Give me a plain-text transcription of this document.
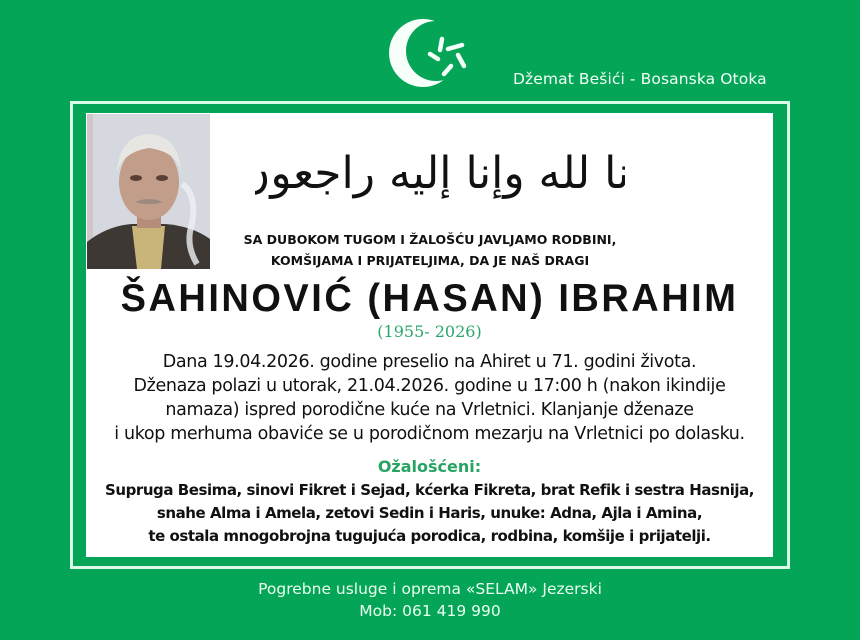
Džemat Bešići - Bosanska Otoka
إنا لله وإنا إليه راجعون
SA DUBOKOM TUGOM I ŽALOŠĆU JAVLJAMO RODBINI,
KOMŠIJAMA I PRIJATELJIMA, DA JE NAŠ DRAGI
ŠAHINOVIĆ (HASAN) IBRAHIM
(1955- 2026)
Dana 19.04.2026. godine preselio na Ahiret u 71. godini života.
Dženaza polazi u utorak, 21.04.2026. godine u 17:00 h (nakon ikindije
namaza) ispred porodične kuće na Vrletnici. Klanjanje dženaze
i ukop merhuma obaviće se u porodičnom mezarju na Vrletnici po dolasku.
Ožalošćeni:
Supruga Besima, sinovi Fikret i Sejad, kćerka Fikreta, brat Refik i sestra Hasnija,
snahe Alma i Amela, zetovi Sedin i Haris, unuke: Adna, Ajla i Amina,
te ostala mnogobrojna tugujuća porodica, rodbina, komšije i prijatelji.
Pogrebne usluge i oprema «SELAM» Jezerski
Mob: 061 419 990
